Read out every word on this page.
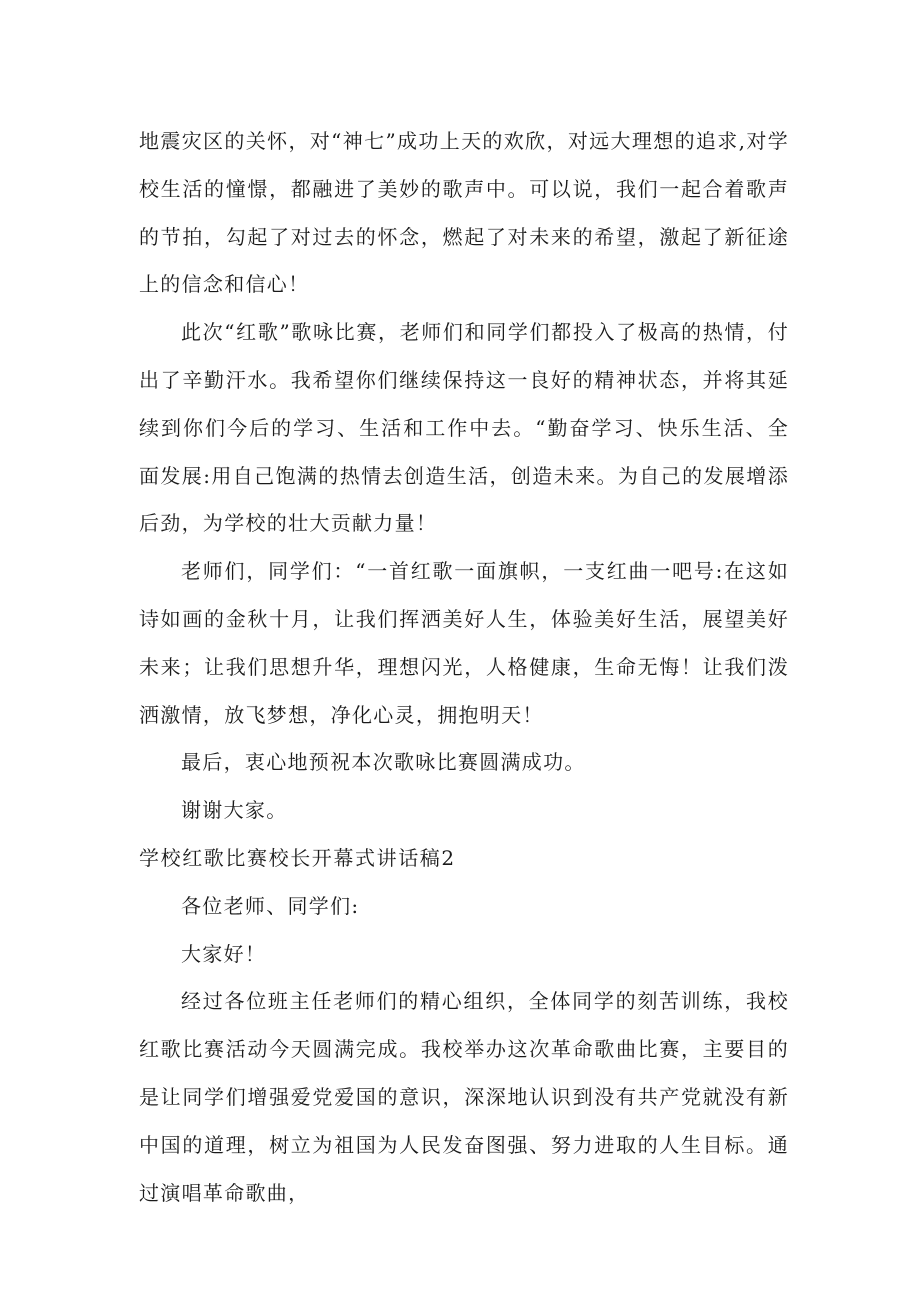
地震灾区的关怀，对“神七”成功上天的欢欣，对远大理想的追求,对学校生活的憧憬，都融进了美妙的歌声中。可以说，我们一起合着歌声的节拍，勾起了对过去的怀念，燃起了对未来的希望，激起了新征途上的信念和信心！

此次“红歌”歌咏比赛，老师们和同学们都投入了极高的热情，付出了辛勤汗水。我希望你们继续保持这一良好的精神状态，并将其延续到你们今后的学习、生活和工作中去。“勤奋学习、快乐生活、全面发展:用自己饱满的热情去创造生活，创造未来。为自己的发展增添后劲，为学校的壮大贡献力量！

老师们，同学们：“一首红歌一面旗帜，一支红曲一吧号:在这如诗如画的金秋十月，让我们挥洒美好人生，体验美好生活，展望美好未来；让我们思想升华，理想闪光，人格健康，生命无悔！让我们泼洒激情，放飞梦想，净化心灵，拥抱明天！

最后，衷心地预祝本次歌咏比赛圆满成功。

谢谢大家。

学校红歌比赛校长开幕式讲话稿2

各位老师、同学们:

大家好！

经过各位班主任老师们的精心组织，全体同学的刻苦训练，我校红歌比赛活动今天圆满完成。我校举办这次革命歌曲比赛，主要目的是让同学们增强爱党爱国的意识，深深地认识到没有共产党就没有新中国的道理，树立为祖国为人民发奋图强、努力进取的人生目标。通过演唱革命歌曲，
